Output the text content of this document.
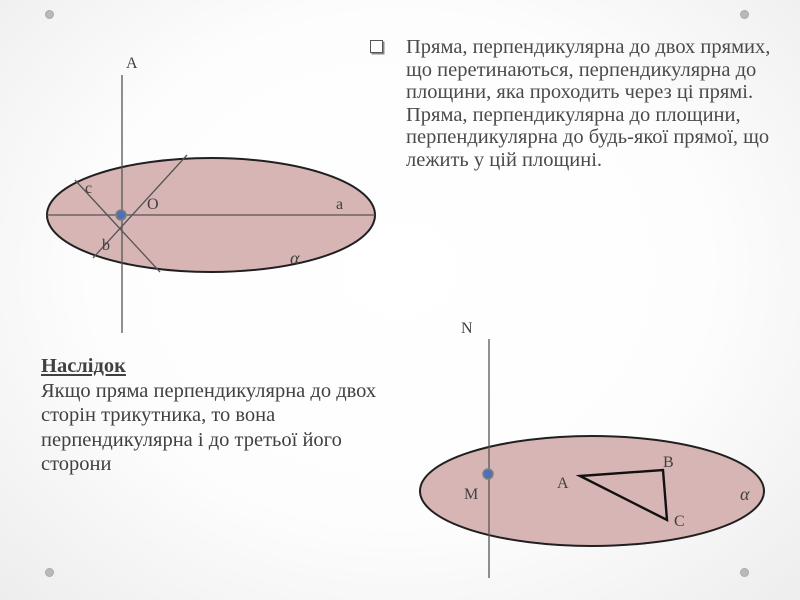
A
O	a
b
c
α
N
M
A
B
C
α

Пряма, перпендикулярна до двох прямих, що перетинаються, перпендикулярна до площини, яка проходить через ці прямі.

Пряма, перпендикулярна до площини, перпендикулярна до будь-якої прямої, що лежить у цій площині.

Наслідок

Якщо пряма перпендикулярна до двох сторін трикутника, то вона перпендикулярна і до третьої його сторони
